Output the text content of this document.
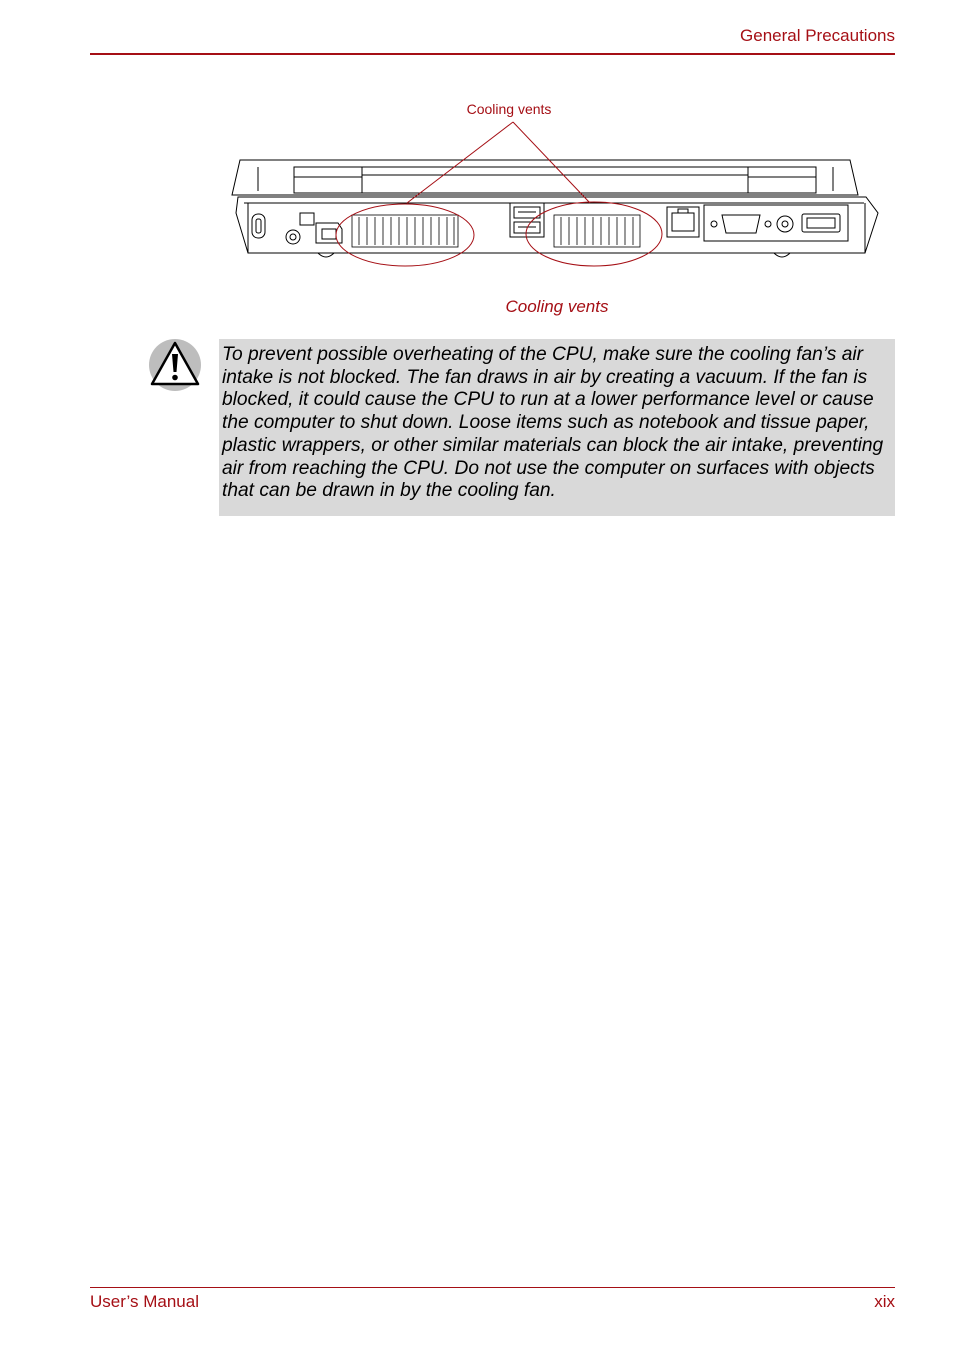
General Precautions
Cooling vents
Cooling vents
To prevent possible overheating of the CPU, make sure the cooling fan’s air intake is not blocked. The fan draws in air by creating a vacuum. If the fan is blocked, it could cause the CPU to run at a lower performance level or cause the computer to shut down. Loose items such as notebook and tissue paper, plastic wrappers, or other similar materials can block the air intake, preventing air from reaching the CPU. Do not use the computer on surfaces with objects that can be drawn in by the cooling fan.
User’s Manual	xix
